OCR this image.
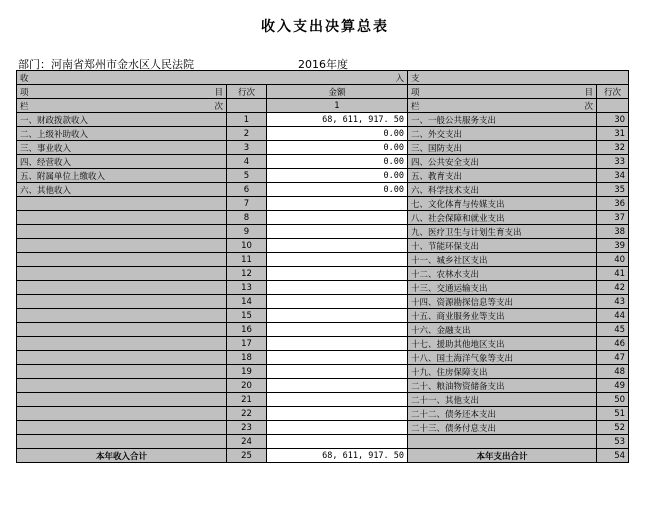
收入支出决算总表
部门：河南省郑州市金水区人民法院	2016年度
收 入			支	

项 目	行次	金额	项 目	行次

栏 次		1	栏 次	

一、财政拨款收入	1	68, 611, 917. 50	一、一般公共服务支出	30
二、上级补助收入	2	0.00	二、外交支出	31
三、事业收入	3	0.00	三、国防支出	32
四、经营收入	4	0.00	四、公共安全支出	33
五、附属单位上缴收入	5	0.00	五、教育支出	34
六、其他收入	6	0.00	六、科学技术支出	35
	7		七、文化体育与传媒支出	36
	8		八、社会保障和就业支出	37
	9		九、医疗卫生与计划生育支出	38
	10		十、节能环保支出	39
	11		十一、城乡社区支出	40
	12		十二、农林水支出	41
	13		十三、交通运输支出	42
	14		十四、资源勘探信息等支出	43
	15		十五、商业服务业等支出	44
	16		十六、金融支出	45
	17		十七、援助其他地区支出	46
	18		十八、国土海洋气象等支出	47
	19		十九、住房保障支出	48
	20		二十、粮油物资储备支出	49
	21		二十一、其他支出	50
	22		二十二、债务还本支出	51
	23		二十三、债务付息支出	52
	24			53
本年收入合计	25	68, 611, 917. 50	本年支出合计	54
